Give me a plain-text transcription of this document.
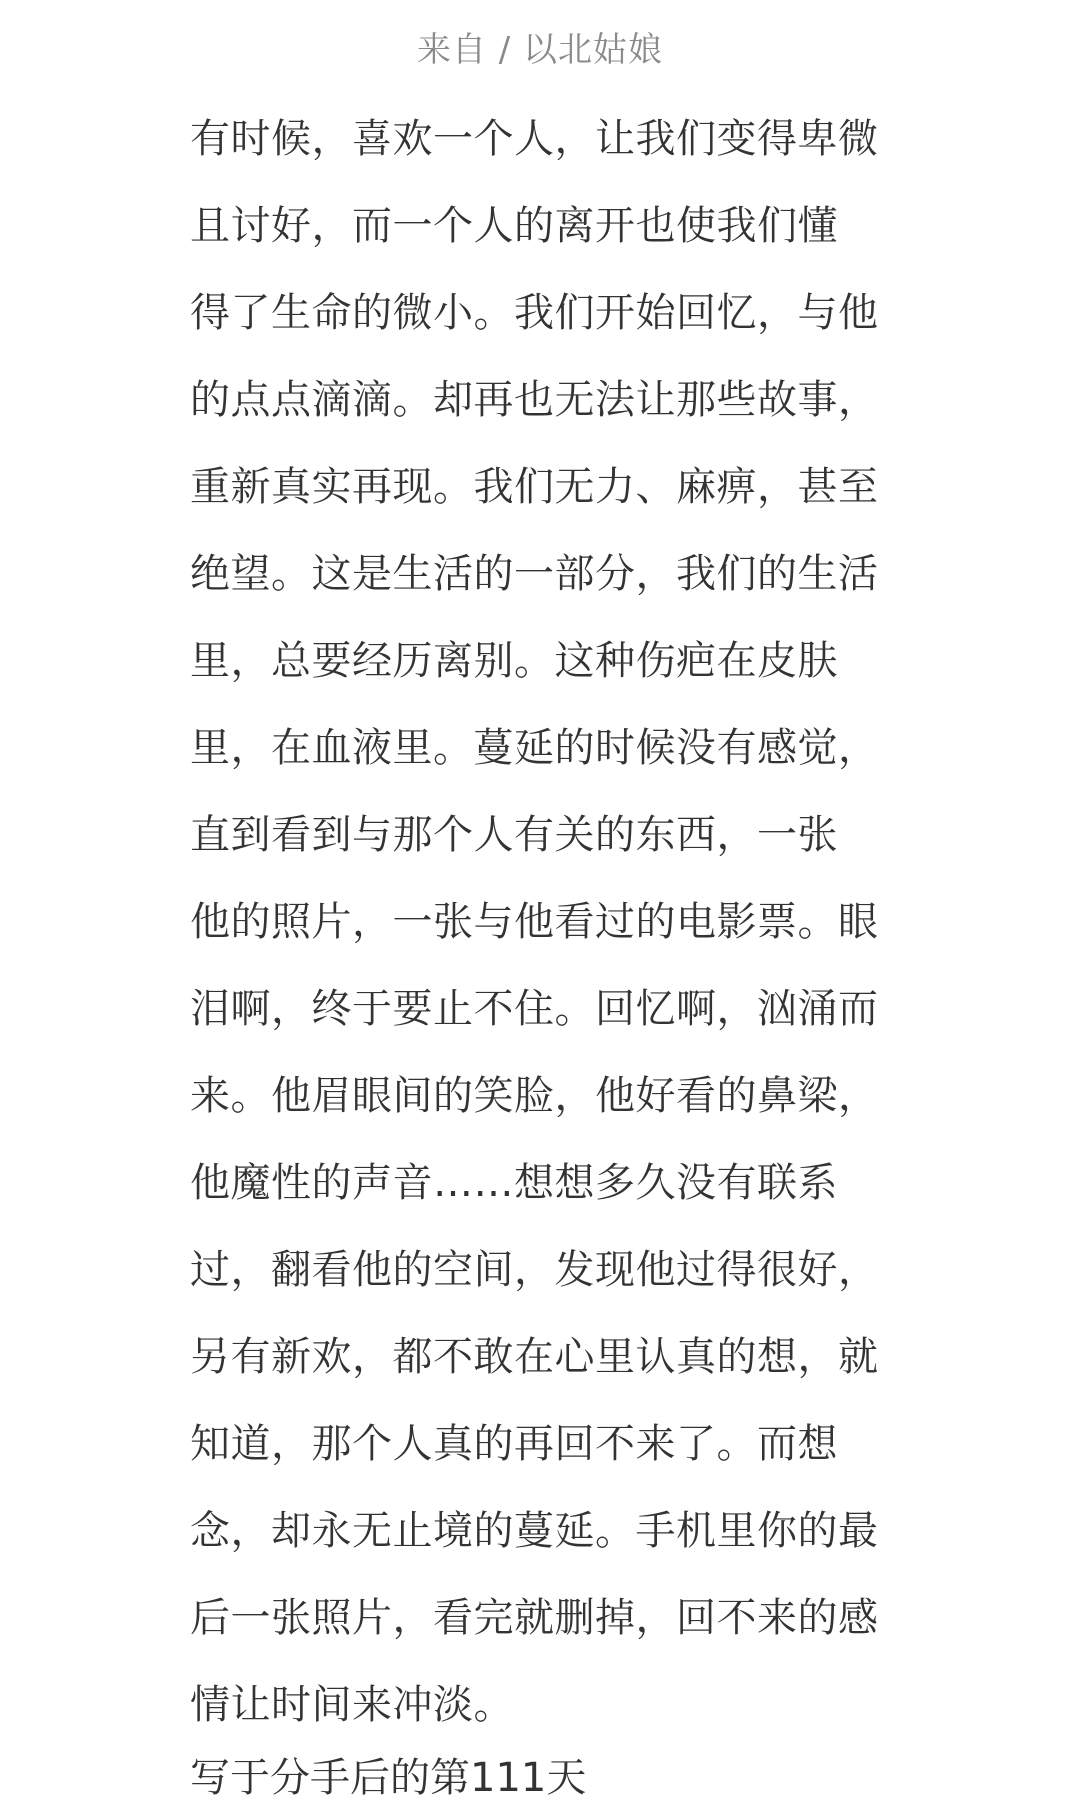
来自 / 以北姑娘
有时候，喜欢一个人，让我们变得卑微
且讨好，而一个人的离开也使我们懂
得了生命的微小。我们开始回忆，与他
的点点滴滴。却再也无法让那些故事，
重新真实再现。我们无力、麻痹，甚至
绝望。这是生活的一部分，我们的生活
里，总要经历离别。这种伤疤在皮肤
里，在血液里。蔓延的时候没有感觉，
直到看到与那个人有关的东西，一张
他的照片，一张与他看过的电影票。眼
泪啊，终于要止不住。回忆啊，汹涌而
来。他眉眼间的笑脸，他好看的鼻梁，
他魔性的声音……想想多久没有联系
过，翻看他的空间，发现他过得很好，
另有新欢，都不敢在心里认真的想，就
知道，那个人真的再回不来了。而想
念，却永无止境的蔓延。手机里你的最
后一张照片，看完就删掉，回不来的感
情让时间来冲淡。
写于分手后的第111天
